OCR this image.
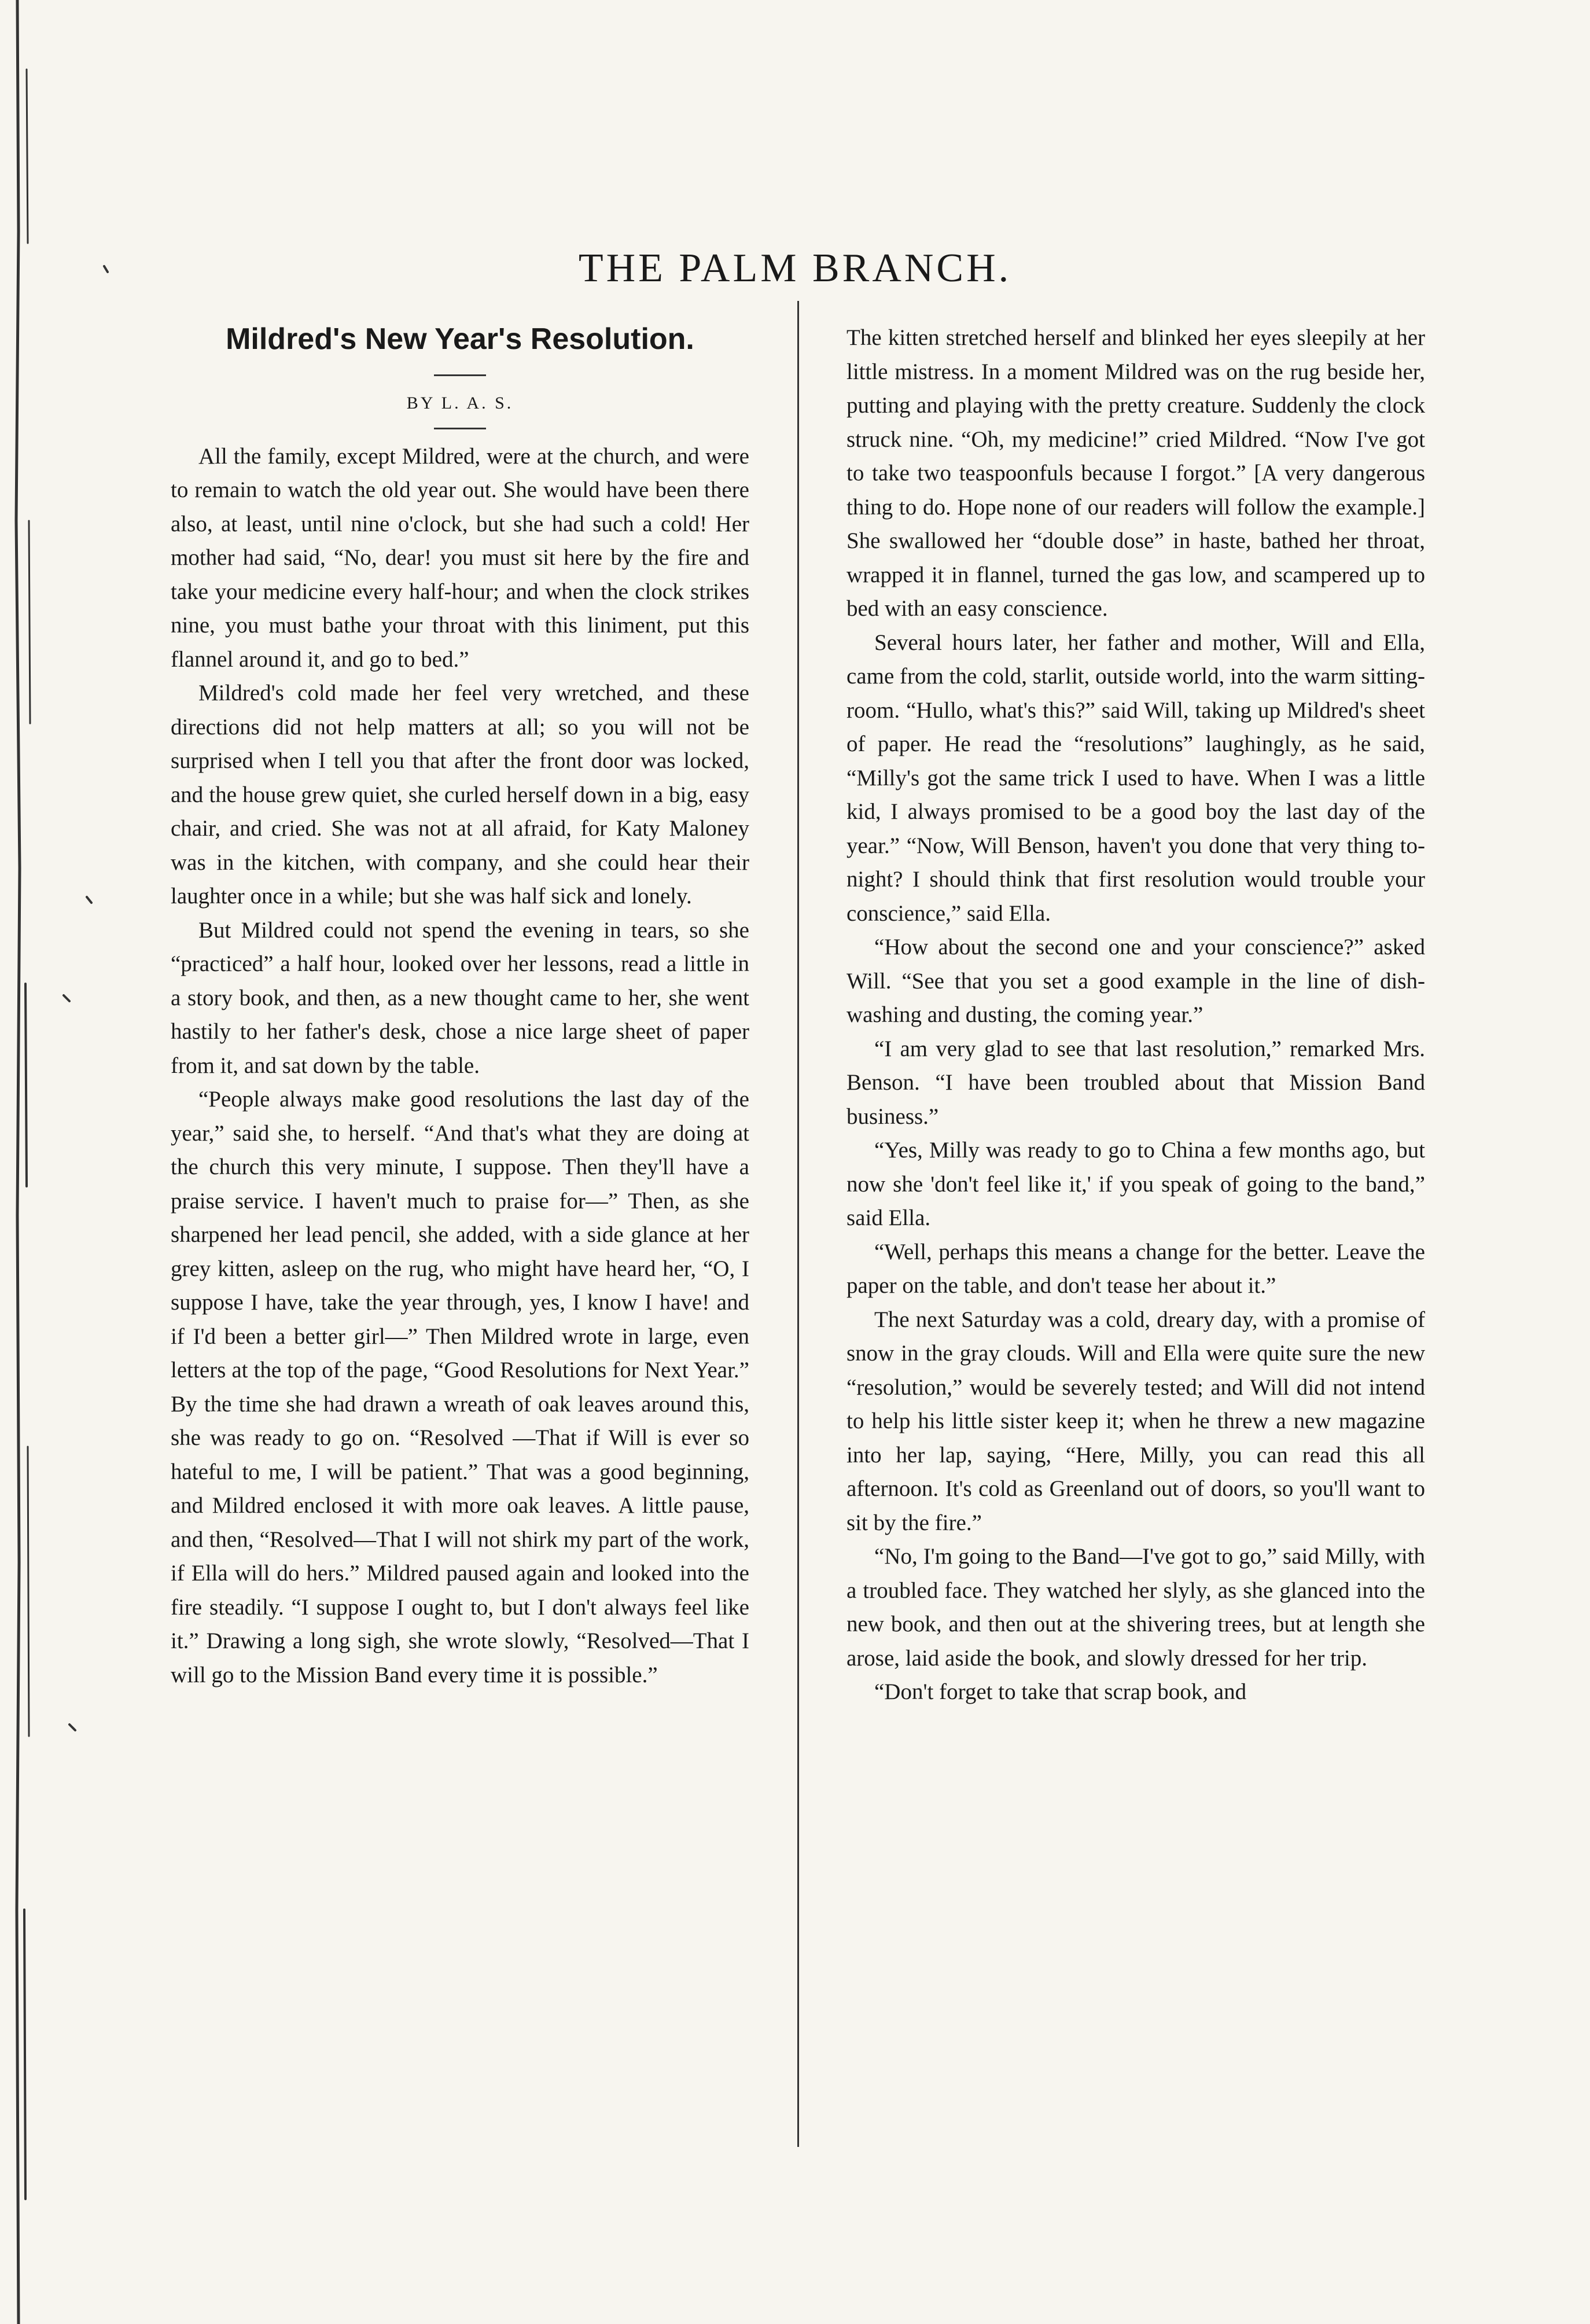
THE PALM BRANCH.
Mildred's New Year's Resolution.
BY L. A. S.

All the family, except Mildred, were at the church, and were to remain to watch the old year out. She would have been there also, at least, until nine o'clock, but she had such a cold! Her mother had said, “No, dear! you must sit here by the fire and take your medicine every half-hour; and when the clock strikes nine, you must bathe your throat with this liniment, put this flannel around it, and go to bed.”

Mildred's cold made her feel very wretched, and these directions did not help matters at all; so you will not be surprised when I tell you that after the front door was locked, and the house grew quiet, she curled herself down in a big, easy chair, and cried. She was not at all afraid, for Katy Maloney was in the kitchen, with company, and she could hear their laughter once in a while; but she was half sick and lonely.

But Mildred could not spend the evening in tears, so she “practiced” a half hour, looked over her lessons, read a little in a story book, and then, as a new thought came to her, she went hastily to her father's desk, chose a nice large sheet of paper from it, and sat down by the table.

“People always make good resolutions the last day of the year,” said she, to herself. “And that's what they are doing at the church this very minute, I suppose. Then they'll have a praise service. I haven't much to praise for—” Then, as she sharpened her lead pencil, she added, with a side glance at her grey kitten, asleep on the rug, who might have heard her, “O, I suppose I have, take the year through, yes, I know I have! and if I'd been a better girl—” Then Mildred wrote in large, even letters at the top of the page, “Good Resolutions for Next Year.” By the time she had drawn a wreath of oak leaves around this, she was ready to go on. “Resolved —That if Will is ever so hateful to me, I will be patient.” That was a good beginning, and Mildred enclosed it with more oak leaves. A little pause, and then, “Resolved—That I will not shirk my part of the work, if Ella will do hers.” Mildred paused again and looked into the fire steadily. “I suppose I ought to, but I don't always feel like it.” Drawing a long sigh, she wrote slowly, “Resolved—That I will go to the Mission Band every time it is possible.”

The kitten stretched herself and blinked her eyes sleepily at her little mistress. In a moment Mildred was on the rug beside her, putting and playing with the pretty creature. Suddenly the clock struck nine. “Oh, my medicine!” cried Mildred. “Now I've got to take two teaspoonfuls because I forgot.” [A very dangerous thing to do. Hope none of our readers will follow the example.] She swallowed her “double dose” in haste, bathed her throat, wrapped it in flannel, turned the gas low, and scampered up to bed with an easy conscience.

Several hours later, her father and mother, Will and Ella, came from the cold, starlit, outside world, into the warm sitting-room. “Hullo, what's this?” said Will, taking up Mildred's sheet of paper. He read the “resolutions” laughingly, as he said, “Milly's got the same trick I used to have. When I was a little kid, I always promised to be a good boy the last day of the year.” “Now, Will Benson, haven't you done that very thing to-night? I should think that first resolution would trouble your conscience,” said Ella.

“How about the second one and your conscience?” asked Will. “See that you set a good example in the line of dish-washing and dusting, the coming year.”

“I am very glad to see that last resolution,” remarked Mrs. Benson. “I have been troubled about that Mission Band business.”

“Yes, Milly was ready to go to China a few months ago, but now she 'don't feel like it,' if you speak of going to the band,” said Ella.

“Well, perhaps this means a change for the better. Leave the paper on the table, and don't tease her about it.”

The next Saturday was a cold, dreary day, with a promise of snow in the gray clouds. Will and Ella were quite sure the new “resolution,” would be severely tested; and Will did not intend to help his little sister keep it; when he threw a new magazine into her lap, saying, “Here, Milly, you can read this all afternoon. It's cold as Greenland out of doors, so you'll want to sit by the fire.”

“No, I'm going to the Band—I've got to go,” said Milly, with a troubled face. They watched her slyly, as she glanced into the new book, and then out at the shivering trees, but at length she arose, laid aside the book, and slowly dressed for her trip.

“Don't forget to take that scrap book, and
